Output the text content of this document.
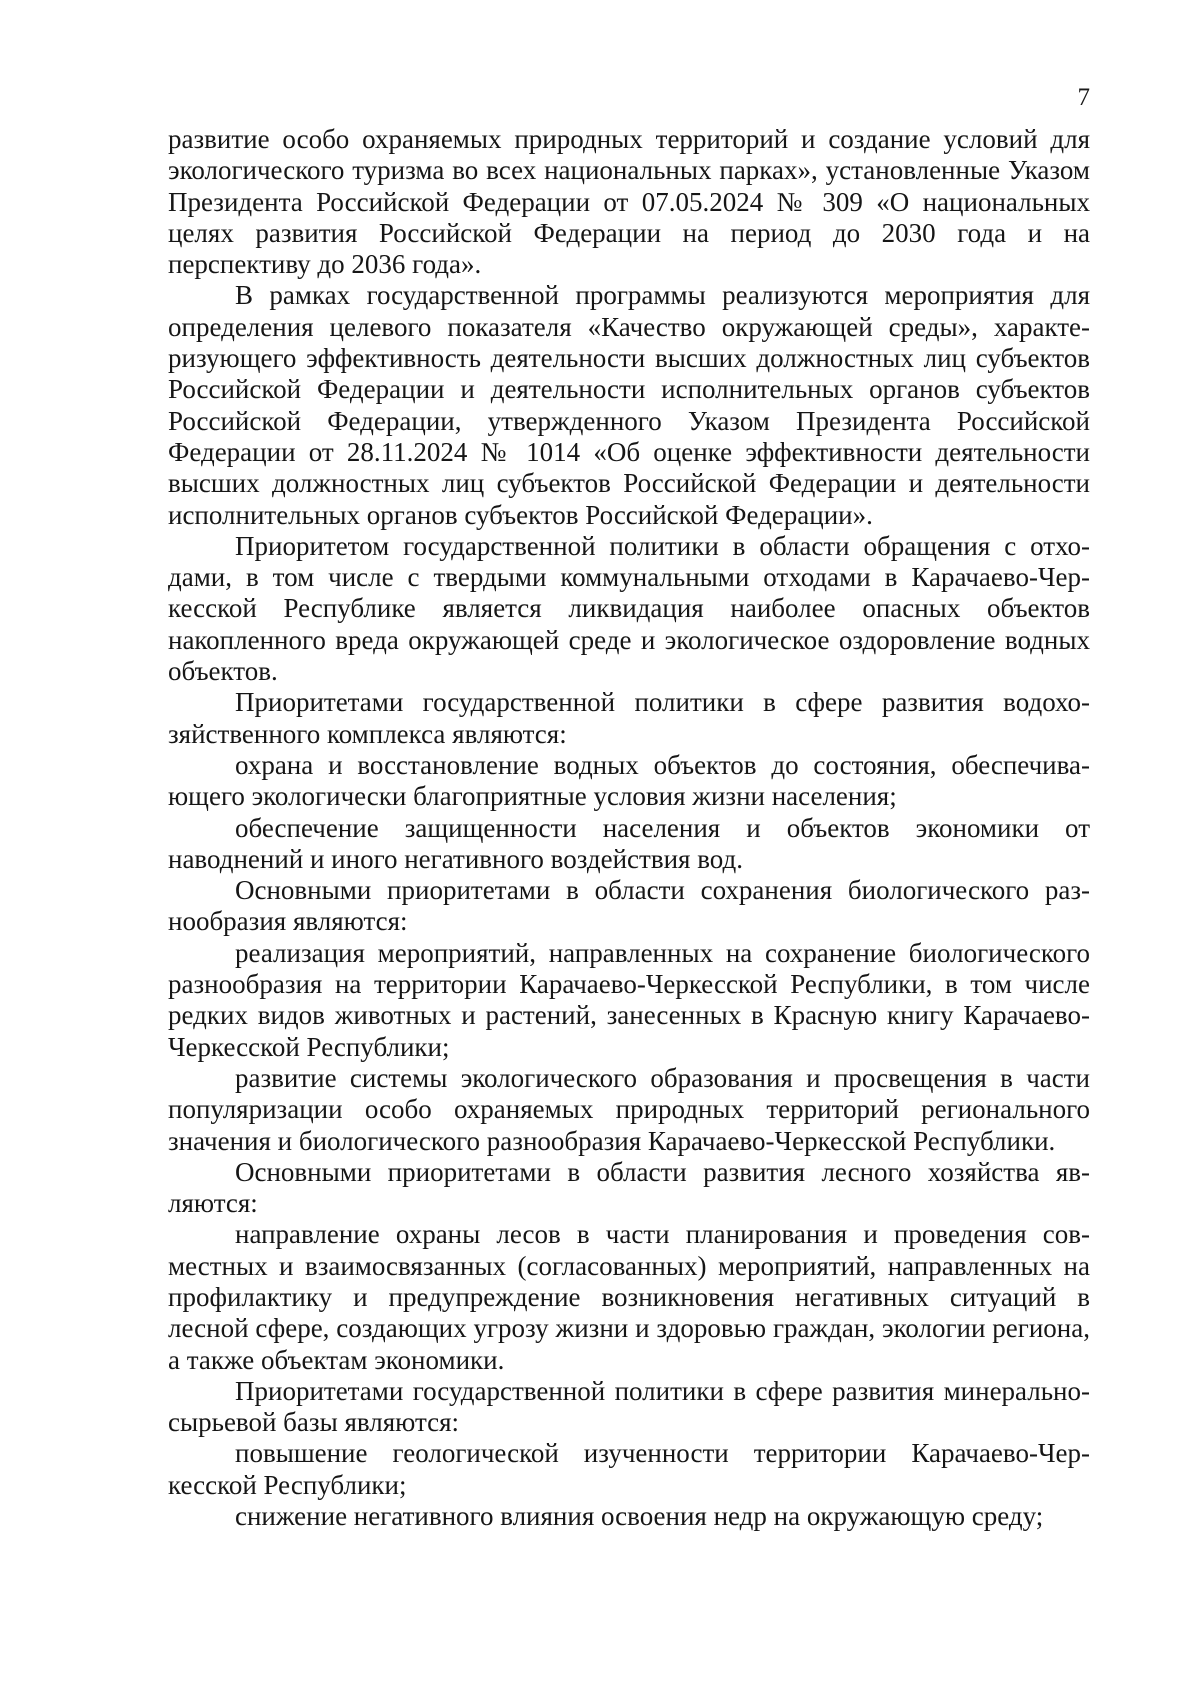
7

развитие особо охраняемых природных территорий и создание условий для экологического туризма во всех национальных парках», установленные Указом Президента Российской Федерации от 07.05.2024 № 309 «О национальных целях развития Российской Федерации на период до 2030 года и на перспективу до 2036 года».

В рамках государственной программы реализуются мероприятия для определения целевого показателя «Качество окружающей среды», характеризующего эффективность деятельности высших должностных лиц субъектов Российской Федерации и деятельности исполнительных органов субъектов Российской Федерации, утвержденного Указом Президента Российской Федерации от 28.11.2024 № 1014 «Об оценке эффективности деятельности высших должностных лиц субъектов Российской Федерации и деятельности исполнительных органов субъектов Российской Федерации».

Приоритетом государственной политики в области обращения с отходами, в том числе с твердыми коммунальными отходами в Карачаево-Черкесской Республике является ликвидация наиболее опасных объектов накопленного вреда окружающей среде и экологическое оздоровление водных объектов.

Приоритетами государственной политики в сфере развития водохозяйственного комплекса являются:

охрана и восстановление водных объектов до состояния, обеспечивающего экологически благоприятные условия жизни населения;

обеспечение защищенности населения и объектов экономики от наводнений и иного негативного воздействия вод.

Основными приоритетами в области сохранения биологического разнообразия являются:

реализация мероприятий, направленных на сохранение биологического разнообразия на территории Карачаево-Черкесской Республики, в том числе редких видов животных и растений, занесенных в Красную книгу Карачаево-Черкесской Республики;

развитие системы экологического образования и просвещения в части популяризации особо охраняемых природных территорий регионального значения и биологического разнообразия Карачаево-Черкесской Республики.

Основными приоритетами в области развития лесного хозяйства являются:

направление охраны лесов в части планирования и проведения совместных и взаимосвязанных (согласованных) мероприятий, направленных на профилактику и предупреждение возникновения негативных ситуаций в лесной сфере, создающих угрозу жизни и здоровью граждан, экологии региона, а также объектам экономики.

Приоритетами государственной политики в сфере развития минерально-сырьевой базы являются:

повышение геологической изученности территории Карачаево-Черкесской Республики;

снижение негативного влияния освоения недр на окружающую среду;
